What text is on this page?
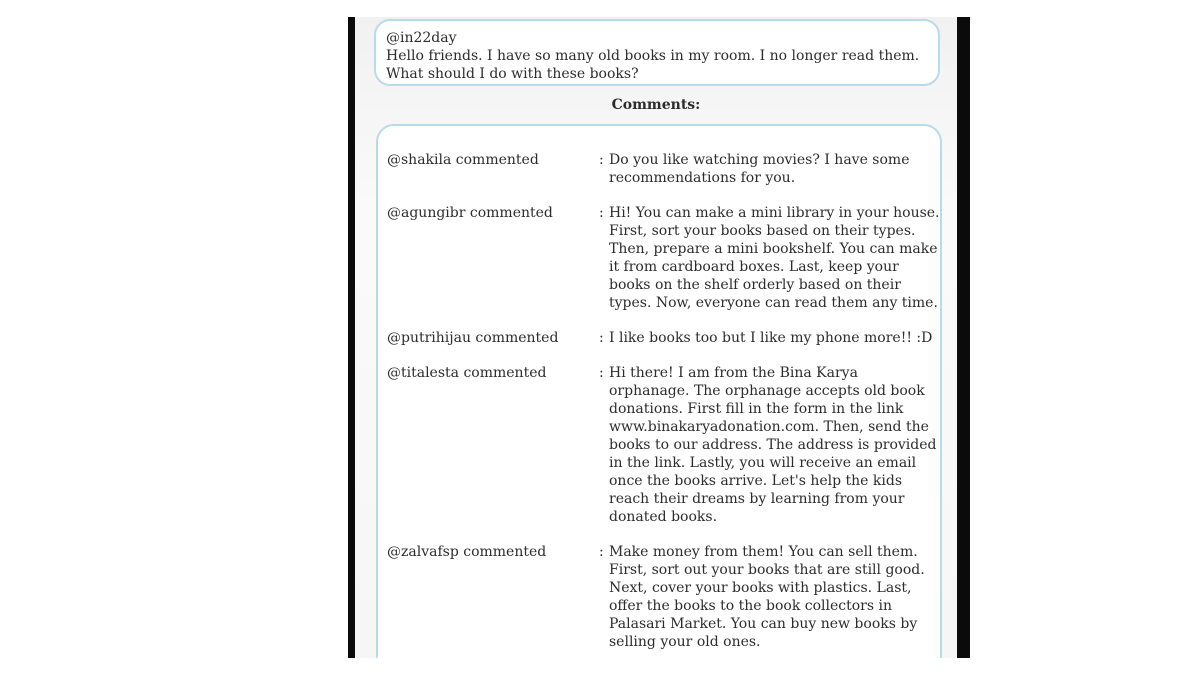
@in22day
Hello friends. I have so many old books in my room. I no longer read them. What should I do with these books?
Comments:
@shakila commented	: Do you like watching movies? I have some recommendations for you.
@agungibr commented	: Hi! You can make a mini library in your house. First, sort your books based on their types. Then, prepare a mini bookshelf. You can make it from cardboard boxes. Last, keep your books on the shelf orderly based on their types. Now, everyone can read them any time.
@putrihijau commented	: I like books too but I like my phone more!! :D
@titalesta commented	: Hi there! I am from the Bina Karya orphanage. The orphanage accepts old book donations. First fill in the form in the link www.binakaryadonation.com. Then, send the books to our address. The address is provided in the link. Lastly, you will receive an email once the books arrive. Let's help the kids reach their dreams by learning from your donated books.
@zalvafsp commented	: Make money from them! You can sell them. First, sort out your books that are still good. Next, cover your books with plastics. Last, offer the books to the book collectors in Palasari Market. You can buy new books by selling your old ones.
